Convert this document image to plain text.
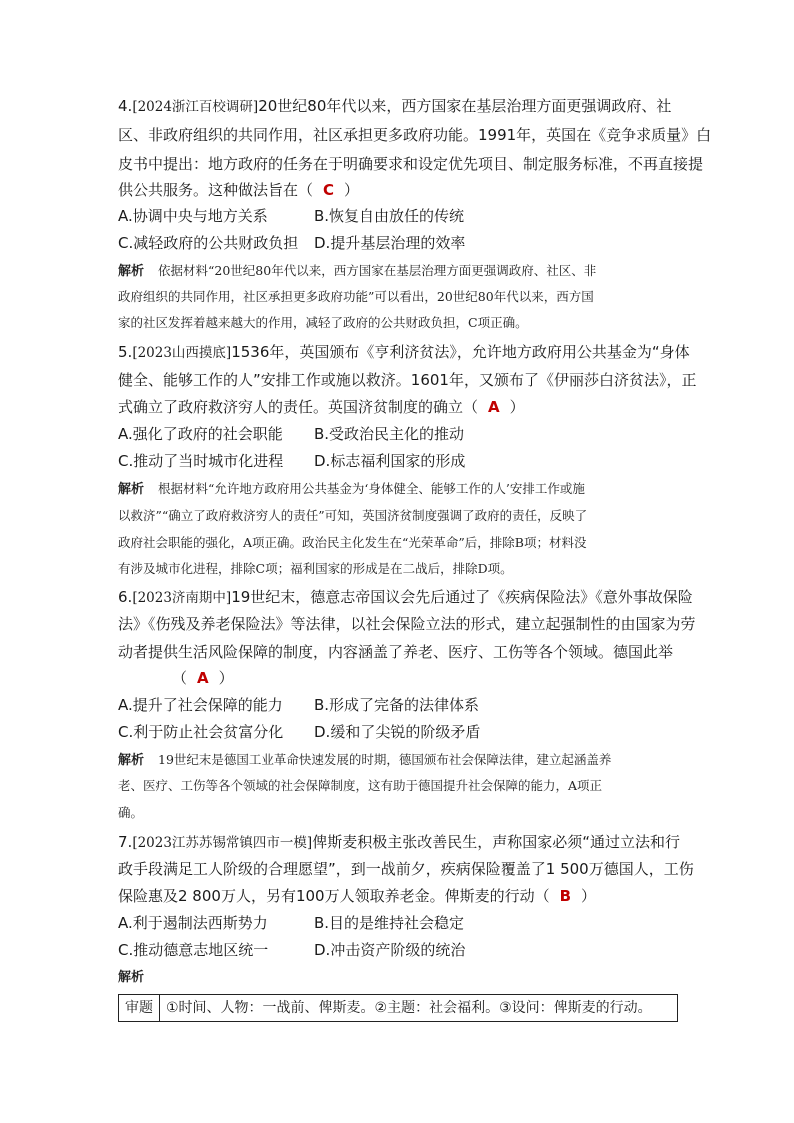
4.[2024浙江百校调研]20世纪80年代以来，西方国家在基层治理方面更强调政府、社
区、非政府组织的共同作用，社区承担更多政府功能。1991年，英国在《竞争求质量》白
皮书中提出：地方政府的任务在于明确要求和设定优先项目、制定服务标准，不再直接提
供公共服务。这种做法旨在（ C ）
A.协调中央与地方关系	B.恢复自由放任的传统
C.减轻政府的公共财政负担 D.提升基层治理的效率
解析 依据材料“20世纪80年代以来，西方国家在基层治理方面更强调政府、社区、非
政府组织的共同作用，社区承担更多政府功能”可以看出，20世纪80年代以来，西方国
家的社区发挥着越来越大的作用，减轻了政府的公共财政负担，C项正确。
5.[2023山西摸底]1536年，英国颁布《亨利济贫法》，允许地方政府用公共基金为“身体
健全、能够工作的人”安排工作或施以救济。1601年，又颁布了《伊丽莎白济贫法》，正
式确立了政府救济穷人的责任。英国济贫制度的确立（ A ）
A.强化了政府的社会职能 B.受政治民主化的推动
C.推动了当时城市化进程 D.标志福利国家的形成
解析 根据材料“允许地方政府用公共基金为‘身体健全、能够工作的人’安排工作或施
以救济”“确立了政府救济穷人的责任”可知，英国济贫制度强调了政府的责任，反映了
政府社会职能的强化，A项正确。政治民主化发生在“光荣革命”后，排除B项；材料没
有涉及城市化进程，排除C项；福利国家的形成是在二战后，排除D项。
6.[2023济南期中]19世纪末，德意志帝国议会先后通过了《疾病保险法》《意外事故保险
法》《伤残及养老保险法》等法律，以社会保险立法的形式，建立起强制性的由国家为劳
动者提供生活风险保障的制度，内容涵盖了养老、医疗、工伤等各个领域。德国此举
（ A ）
A.提升了社会保障的能力 B.形成了完备的法律体系
C.利于防止社会贫富分化 D.缓和了尖锐的阶级矛盾
解析 19世纪末是德国工业革命快速发展的时期，德国颁布社会保障法律，建立起涵盖养
老、医疗、工伤等各个领域的社会保障制度，这有助于德国提升社会保障的能力，A项正
确。
7.[2023江苏苏锡常镇四市一模]俾斯麦积极主张改善民生，声称国家必须“通过立法和行
政手段满足工人阶级的合理愿望”，到一战前夕，疾病保险覆盖了1 500万德国人，工伤
保险惠及2 800万人，另有100万人领取养老金。俾斯麦的行动（ B ）
A.利于遏制法西斯势力	B.目的是维持社会稳定
C.推动德意志地区统一	D.冲击资产阶级的统治
解析
审题 ①时间、人物：一战前、俾斯麦。②主题：社会福利。③设问：俾斯麦的行动。
